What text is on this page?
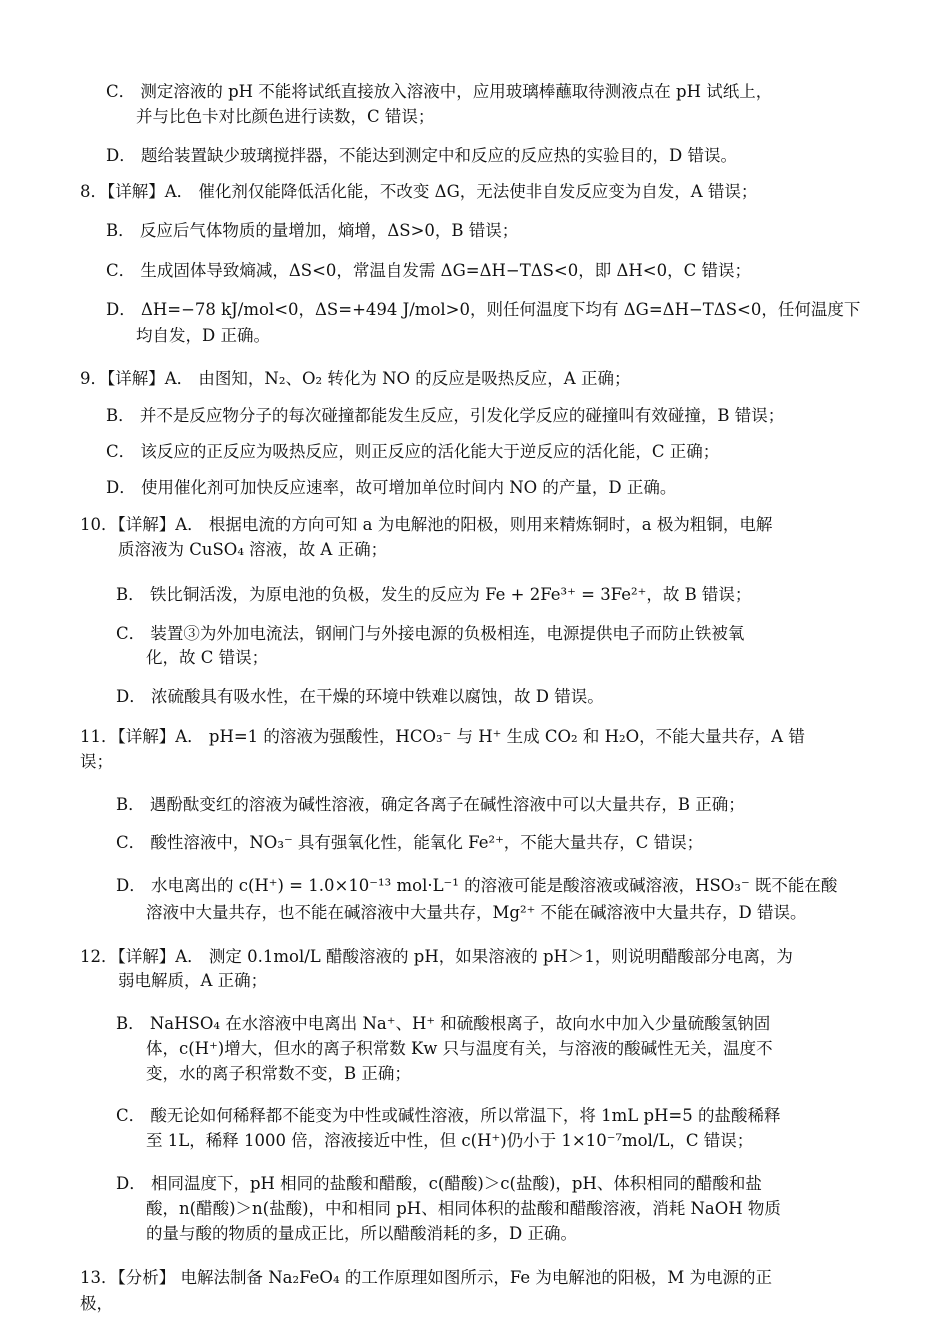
C． 测定溶液的 pH 不能将试纸直接放入溶液中，应用玻璃棒蘸取待测液点在 pH 试纸上，
并与比色卡对比颜色进行读数，C 错误；
D． 题给装置缺少玻璃搅拌器，不能达到测定中和反应的反应热的实验目的，D 错误。
8．【详解】A． 催化剂仅能降低活化能，不改变 ΔG，无法使非自发反应变为自发，A 错误；
B． 反应后气体物质的量增加，熵增，ΔS>0，B 错误；
C． 生成固体导致熵减，ΔS<0，常温自发需 ΔG=ΔH−TΔS<0，即 ΔH<0，C 错误；
D． ΔH=−78 kJ/mol<0，ΔS=+494 J/mol>0，则任何温度下均有 ΔG=ΔH−TΔS<0，任何温度下
均自发，D 正确。
9．【详解】A． 由图知，N₂、O₂ 转化为 NO 的反应是吸热反应，A 正确；
B． 并不是反应物分子的每次碰撞都能发生反应，引发化学反应的碰撞叫有效碰撞，B 错误；
C． 该反应的正反应为吸热反应，则正反应的活化能大于逆反应的活化能，C 正确；
D． 使用催化剂可加快反应速率，故可增加单位时间内 NO 的产量，D 正确。
10．【详解】A． 根据电流的方向可知 a 为电解池的阳极，则用来精炼铜时，a 极为粗铜，电解
质溶液为 CuSO₄ 溶液，故 A 正确；
B． 铁比铜活泼，为原电池的负极，发生的反应为 Fe + 2Fe³⁺ = 3Fe²⁺，故 B 错误；
C． 装置③为外加电流法，钢闸门与外接电源的负极相连，电源提供电子而防止铁被氧
化，故 C 错误；
D． 浓硫酸具有吸水性，在干燥的环境中铁难以腐蚀，故 D 错误。
11．【详解】A． pH=1 的溶液为强酸性，HCO₃⁻ 与 H⁺ 生成 CO₂ 和 H₂O，不能大量共存，A 错
误；
B． 遇酚酞变红的溶液为碱性溶液，确定各离子在碱性溶液中可以大量共存，B 正确；
C． 酸性溶液中，NO₃⁻ 具有强氧化性，能氧化 Fe²⁺，不能大量共存，C 错误；
D． 水电离出的 c(H⁺) = 1.0×10⁻¹³ mol·L⁻¹ 的溶液可能是酸溶液或碱溶液，HSO₃⁻ 既不能在酸
溶液中大量共存，也不能在碱溶液中大量共存，Mg²⁺ 不能在碱溶液中大量共存，D 错误。
12．【详解】A． 测定 0.1mol/L 醋酸溶液的 pH，如果溶液的 pH＞1，则说明醋酸部分电离，为
弱电解质，A 正确；
B． NaHSO₄ 在水溶液中电离出 Na⁺、H⁺ 和硫酸根离子，故向水中加入少量硫酸氢钠固
体，c(H⁺)增大，但水的离子积常数 Kw 只与温度有关，与溶液的酸碱性无关，温度不
变，水的离子积常数不变，B 正确；
C． 酸无论如何稀释都不能变为中性或碱性溶液，所以常温下，将 1mL pH=5 的盐酸稀释
至 1L，稀释 1000 倍，溶液接近中性，但 c(H⁺)仍小于 1×10⁻⁷mol/L，C 错误；
D． 相同温度下，pH 相同的盐酸和醋酸，c(醋酸)＞c(盐酸)，pH、体积相同的醋酸和盐
酸，n(醋酸)＞n(盐酸)，中和相同 pH、相同体积的盐酸和醋酸溶液，消耗 NaOH 物质
的量与酸的物质的量成正比，所以醋酸消耗的多，D 正确。
13．【分析】 电解法制备 Na₂FeO₄ 的工作原理如图所示，Fe 为电解池的阳极，M 为电源的正
极，
